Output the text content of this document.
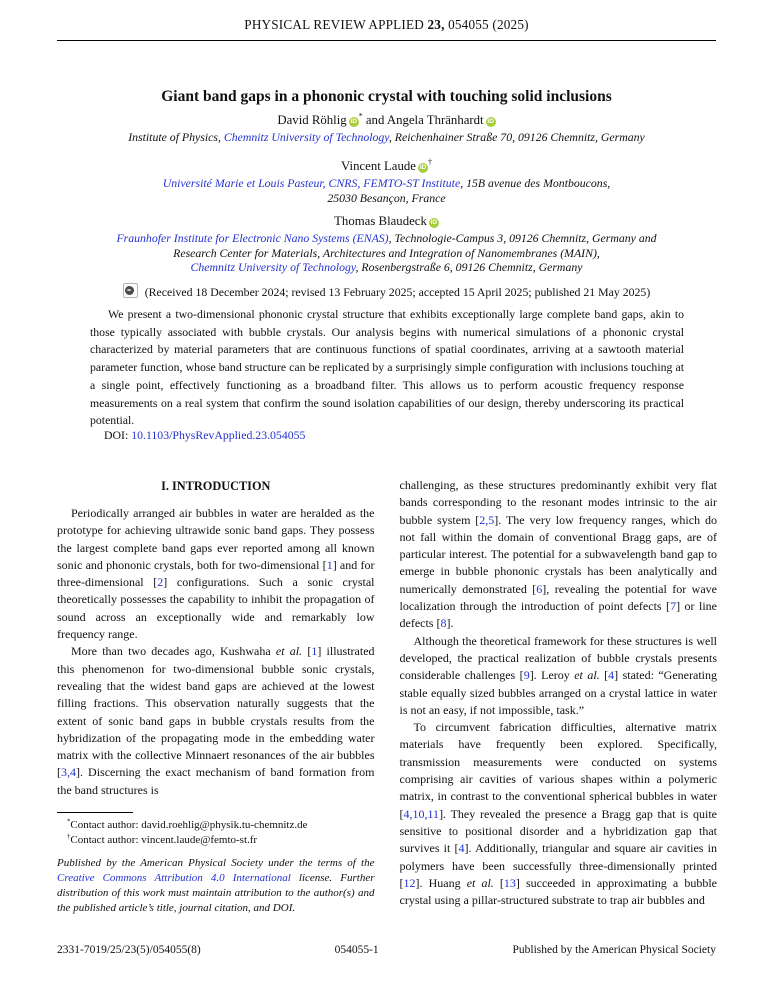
PHYSICAL REVIEW APPLIED 23, 054055 (2025)
Giant band gaps in a phononic crystal with touching solid inclusions
David Röhlig iD* and Angela Thränhardt iD
Institute of Physics, Chemnitz University of Technology, Reichenhainer Straße 70, 09126 Chemnitz, Germany
Vincent Laude iD†
Université Marie et Louis Pasteur, CNRS, FEMTO-ST Institute, 15B avenue des Montboucons,
25030 Besançon, France
Thomas Blaudeck iD
Fraunhofer Institute for Electronic Nano Systems (ENAS), Technologie-Campus 3, 09126 Chemnitz, Germany and
Research Center for Materials, Architectures and Integration of Nanomembranes (MAIN),
Chemnitz University of Technology, Rosenbergstraße 6, 09126 Chemnitz, Germany
(Received 18 December 2024; revised 13 February 2025; accepted 15 April 2025; published 21 May 2025)

We present a two-dimensional phononic crystal structure that exhibits exceptionally large complete band gaps, akin to those typically associated with bubble crystals. Our analysis begins with numerical simulations of a phononic crystal characterized by material parameters that are continuous functions of spatial coordinates, arriving at a sawtooth material parameter function, whose band structure can be replicated by a surprisingly simple configuration with inclusions touching at a single point, effectively functioning as a broadband filter. This allows us to perform acoustic frequency response measurements on a real system that confirm the sound isolation capabilities of our design, thereby underscoring its practical potential.

DOI: 10.1103/PhysRevApplied.23.054055
I. INTRODUCTION

Periodically arranged air bubbles in water are heralded as the prototype for achieving ultrawide sonic band gaps. They possess the largest complete band gaps ever reported among all known sonic and phononic crystals, both for two-dimensional [1] and for three-dimensional [2] configurations. Such a sonic crystal theoretically possesses the capability to inhibit the propagation of sound across an exceptionally wide and remarkably low frequency range.

More than two decades ago, Kushwaha et al. [1] illustrated this phenomenon for two-dimensional bubble sonic crystals, revealing that the widest band gaps are achieved at the lowest filling fractions. This observation naturally suggests that the extent of sonic band gaps in bubble crystals results from the hybridization of the propagating mode in the embedding water matrix with the collective Minnaert resonances of the air bubbles [3,4]. Discerning the exact mechanism of band formation from the band structures is

*Contact author: david.roehlig@physik.tu-chemnitz.de

†Contact author: vincent.laude@femto-st.fr

Published by the American Physical Society under the terms of the Creative Commons Attribution 4.0 International license. Further distribution of this work must maintain attribution to the author(s) and the published article’s title, journal citation, and DOI.

challenging, as these structures predominantly exhibit very flat bands corresponding to the resonant modes intrinsic to the air bubble system [2,5]. The very low frequency ranges, which do not fall within the domain of conventional Bragg gaps, are of particular interest. The potential for a subwavelength band gap to emerge in bubble phononic crystals has been analytically and numerically demonstrated [6], revealing the potential for wave localization through the introduction of point defects [7] or line defects [8].

Although the theoretical framework for these structures is well developed, the practical realization of bubble crystals presents considerable challenges [9]. Leroy et al. [4] stated: “Generating stable equally sized bubbles arranged on a crystal lattice in water is not an easy, if not impossible, task.”

To circumvent fabrication difficulties, alternative matrix materials have frequently been explored. Specifically, transmission measurements were conducted on systems comprising air cavities of various shapes within a polymeric matrix, in contrast to the conventional spherical bubbles in water [4,10,11]. They revealed the presence a Bragg gap that is quite sensitive to positional disorder and a hybridization gap that survives it [4]. Additionally, triangular and square air cavities in polymers have been successfully three-dimensionally printed [12]. Huang et al. [13] succeeded in approximating a bubble crystal using a pillar-structured substrate to trap air bubbles and

2331-7019/25/23(5)/054055(8)	054055-1	Published by the American Physical Society
